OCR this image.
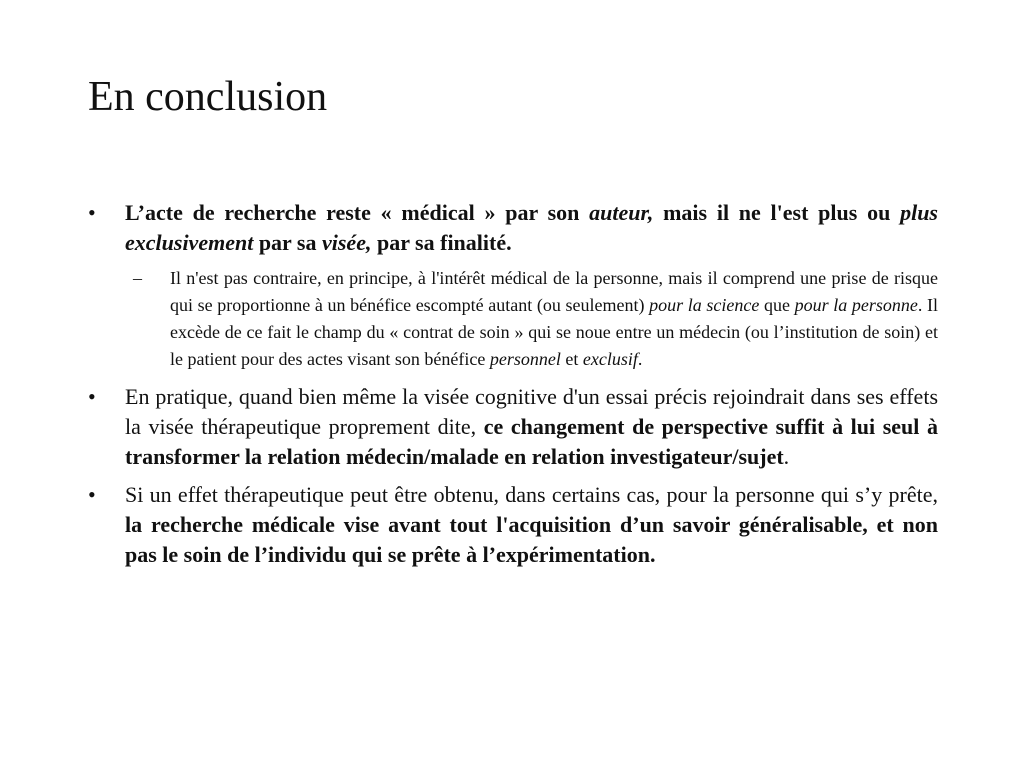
En conclusion
• L’acte de recherche reste « médical » par son auteur, mais il ne l'est plus ou plus exclusivement par sa visée, par sa finalité.
– Il n'est pas contraire, en principe, à l'intérêt médical de la personne, mais il comprend une prise de risque qui se proportionne à un bénéfice escompté autant (ou seulement) pour la science que pour la personne. Il excède de ce fait le champ du « contrat de soin » qui se noue entre un médecin (ou l’institution de soin) et le patient pour des actes visant son bénéfice personnel et exclusif.
• En pratique, quand bien même la visée cognitive d'un essai précis rejoindrait dans ses effets la visée thérapeutique proprement dite, ce changement de perspective suffit à lui seul à transformer la relation médecin/malade en relation investigateur/sujet.
• Si un effet thérapeutique peut être obtenu, dans certains cas, pour la personne qui s’y prête, la recherche médicale vise avant tout l'acquisition d’un savoir généralisable, et non pas le soin de l’individu qui se prête à l’expérimentation.
